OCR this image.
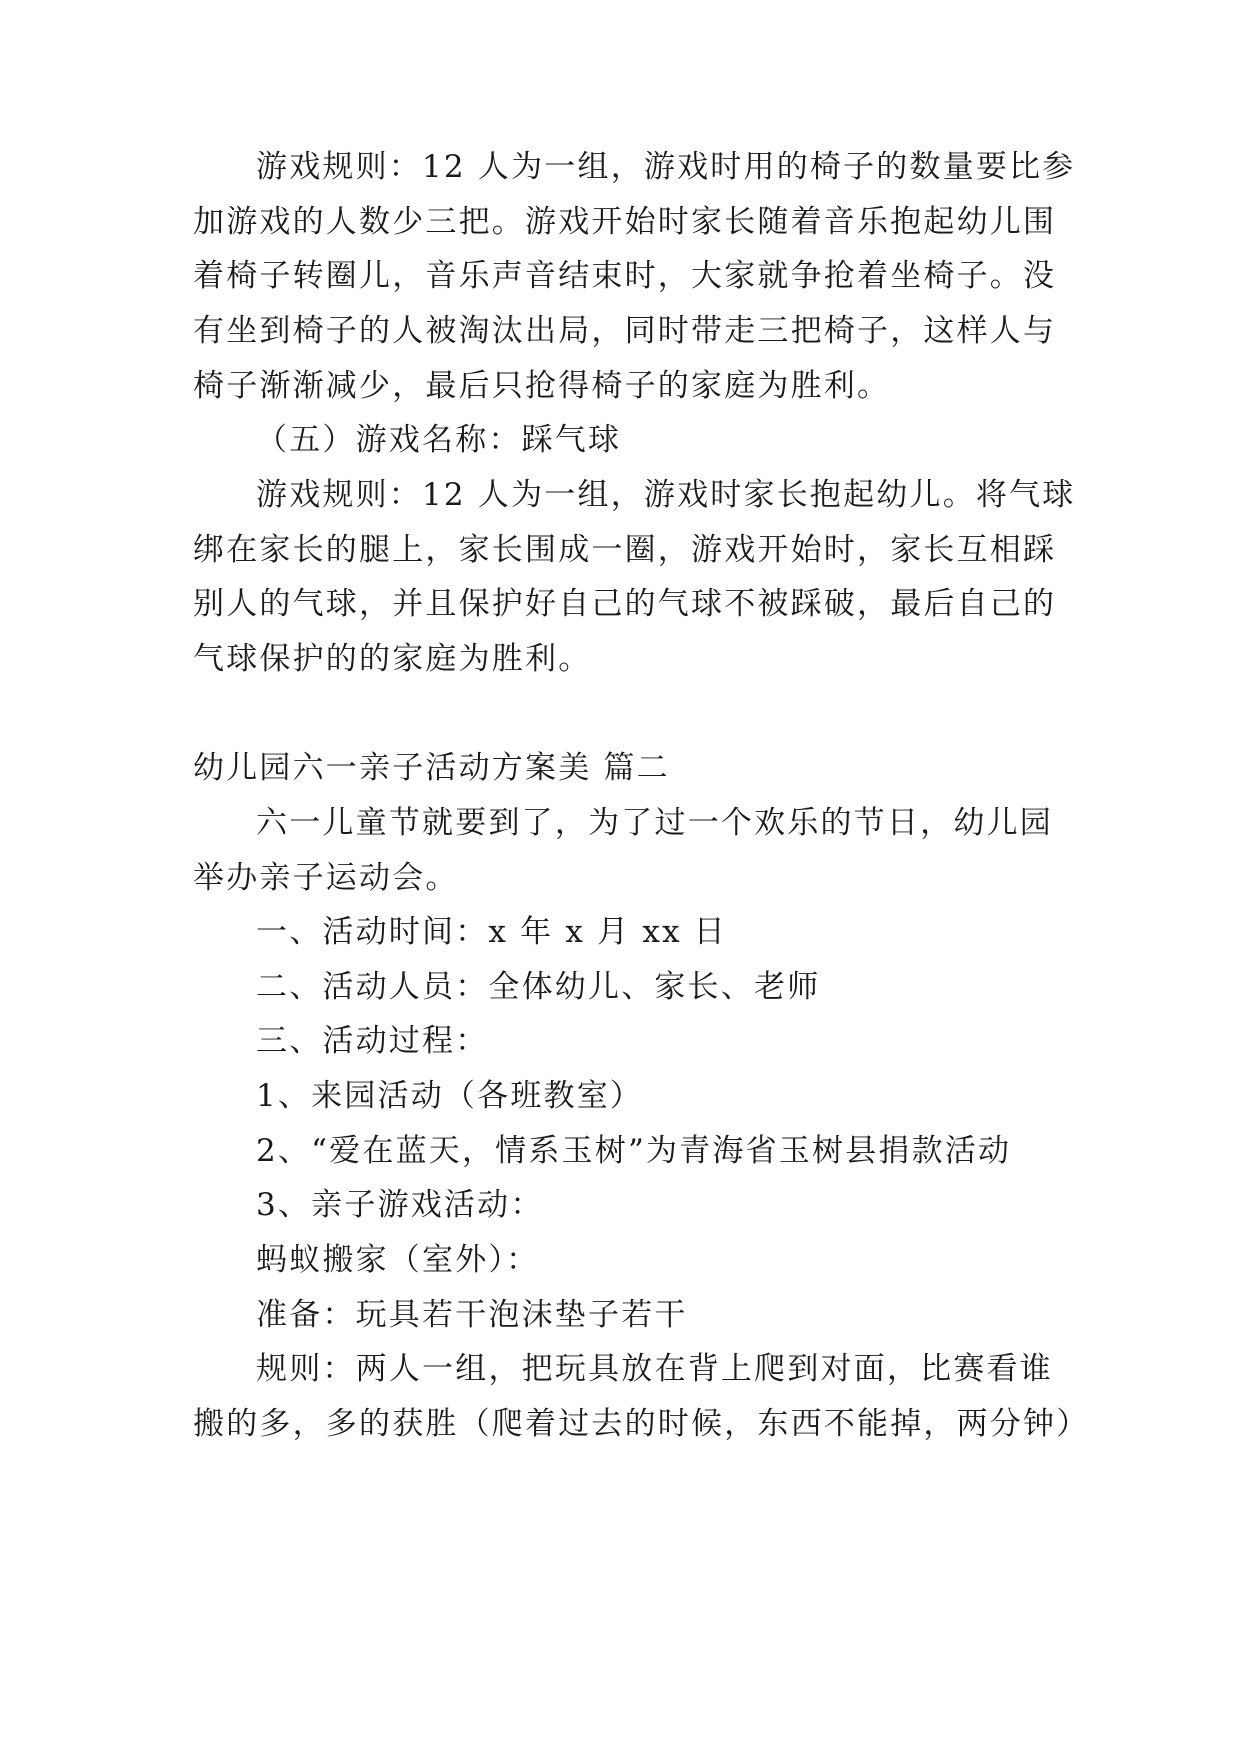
游戏规则：12 人为一组，游戏时用的椅子的数量要比参
加游戏的人数少三把。游戏开始时家长随着音乐抱起幼儿围
着椅子转圈儿，音乐声音结束时，大家就争抢着坐椅子。没
有坐到椅子的人被淘汰出局，同时带走三把椅子，这样人与
椅子渐渐减少，最后只抢得椅子的家庭为胜利。
（五）游戏名称：踩气球
游戏规则：12 人为一组，游戏时家长抱起幼儿。将气球
绑在家长的腿上，家长围成一圈，游戏开始时，家长互相踩
别人的气球，并且保护好自己的气球不被踩破，最后自己的
气球保护的的家庭为胜利。
幼儿园六一亲子活动方案美 篇二
六一儿童节就要到了，为了过一个欢乐的节日，幼儿园
举办亲子运动会。
一、活动时间：x 年 x 月 xx 日
二、活动人员：全体幼儿、家长、老师
三、活动过程：
1、来园活动（各班教室）
2、“爱在蓝天，情系玉树”为青海省玉树县捐款活动
3、亲子游戏活动：
蚂蚁搬家（室外）：
准备：玩具若干泡沫垫子若干
规则：两人一组，把玩具放在背上爬到对面，比赛看谁
搬的多，多的获胜（爬着过去的时候，东西不能掉，两分钟）
